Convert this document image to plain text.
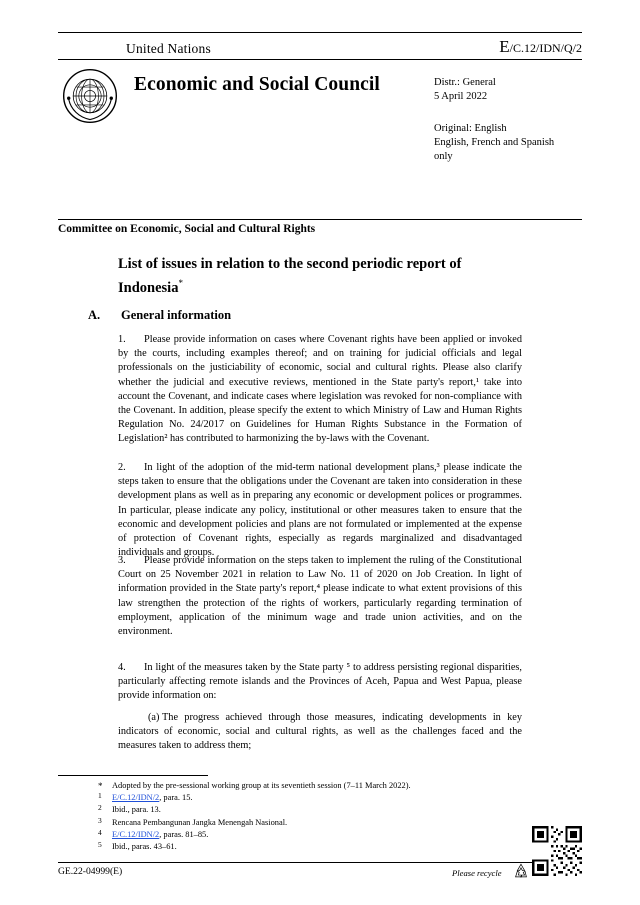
United Nations	E/C.12/IDN/Q/2
Economic and Social Council	Distr.: General
5 April 2022
Original: English
English, French and Spanish
only
Committee on Economic, Social and Cultural Rights
List of issues in relation to the second periodic report of Indonesia*
A. General information
1. Please provide information on cases where Covenant rights have been applied or invoked by the courts, including examples thereof; and on training for judicial officials and legal professionals on the justiciability of economic, social and cultural rights. Please also clarify whether the judicial and executive reviews, mentioned in the State party's report,¹ take into account the Covenant, and indicate cases where legislation was revoked for non-compliance with the Covenant. In addition, please specify the extent to which Ministry of Law and Human Rights Regulation No. 24/2017 on Guidelines for Human Rights Substance in the Formation of Legislation² has contributed to harmonizing the by-laws with the Covenant.
2. In light of the adoption of the mid-term national development plans,³ please indicate the steps taken to ensure that the obligations under the Covenant are taken into consideration in these development plans as well as in preparing any economic or development polices or programmes. In particular, please indicate any policy, institutional or other measures taken to ensure that the economic and development policies and plans are not formulated or implemented at the expense of protection of Covenant rights, especially as regards marginalized and disadvantaged individuals and groups.
3. Please provide information on the steps taken to implement the ruling of the Constitutional Court on 25 November 2021 in relation to Law No. 11 of 2020 on Job Creation. In light of information provided in the State party's report,⁴ please indicate to what extent provisions of this law strengthen the protection of the rights of workers, particularly regarding termination of employment, application of the minimum wage and trade union activities, and on the environment.
4. In light of the measures taken by the State party ⁵ to address persisting regional disparities, particularly affecting remote islands and the Provinces of Aceh, Papua and West Papua, please provide information on:
(a) The progress achieved through those measures, indicating developments in key indicators of economic, social and cultural rights, as well as the challenges faced and the measures taken to address them;
* Adopted by the pre-sessional working group at its seventieth session (7–11 March 2022).
1 E/C.12/IDN/2, para. 15.
2 Ibid., para. 13.
3 Rencana Pembangunan Jangka Menengah Nasional.
4 E/C.12/IDN/2, paras. 81–85.
5 Ibid., paras. 43–61.
GE.22-04999(E)	Please recycle
